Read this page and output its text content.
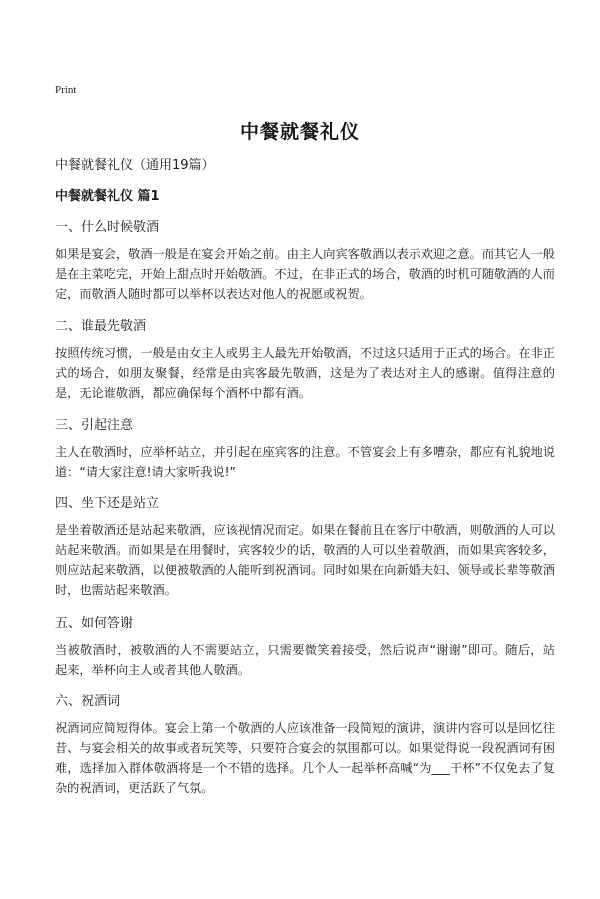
Print
中餐就餐礼仪
中餐就餐礼仪（通用19篇）
中餐就餐礼仪 篇1
一、什么时候敬酒
如果是宴会，敬酒一般是在宴会开始之前。由主人向宾客敬酒以表示欢迎之意。而其它人一般是在主菜吃完，开始上甜点时开始敬酒。不过，在非正式的场合，敬酒的时机可随敬酒的人而定，而敬酒人随时都可以举杯以表达对他人的祝愿或祝贺。
二、谁最先敬酒
按照传统习惯，一般是由女主人或男主人最先开始敬酒，不过这只适用于正式的场合。在非正式的场合，如朋友聚餐，经常是由宾客最先敬酒，这是为了表达对主人的感谢。值得注意的是，无论谁敬酒，都应确保每个酒杯中都有酒。
三、引起注意
主人在敬酒时，应举杯站立，并引起在座宾客的注意。不管宴会上有多嘈杂，都应有礼貌地说道：“请大家注意!请大家听我说!”
四、坐下还是站立
是坐着敬酒还是站起来敬酒，应该视情况而定。如果在餐前且在客厅中敬酒，则敬酒的人可以站起来敬酒。而如果是在用餐时，宾客较少的话，敬酒的人可以坐着敬酒，而如果宾客较多，则应站起来敬酒，以便被敬酒的人能听到祝酒词。同时如果在向新婚夫妇、领导或长辈等敬酒时，也需站起来敬酒。
五、如何答谢
当被敬酒时，被敬酒的人不需要站立，只需要微笑着接受，然后说声“谢谢”即可。随后，站起来，举杯向主人或者其他人敬酒。
六、祝酒词
祝酒词应简短得体。宴会上第一个敬酒的人应该准备一段简短的演讲，演讲内容可以是回忆往昔、与宴会相关的故事或者玩笑等，只要符合宴会的氛围都可以。如果觉得说一段祝酒词有困难，选择加入群体敬酒将是一个不错的选择。几个人一起举杯高喊“为___干杯”不仅免去了复杂的祝酒词，更活跃了气氛。
